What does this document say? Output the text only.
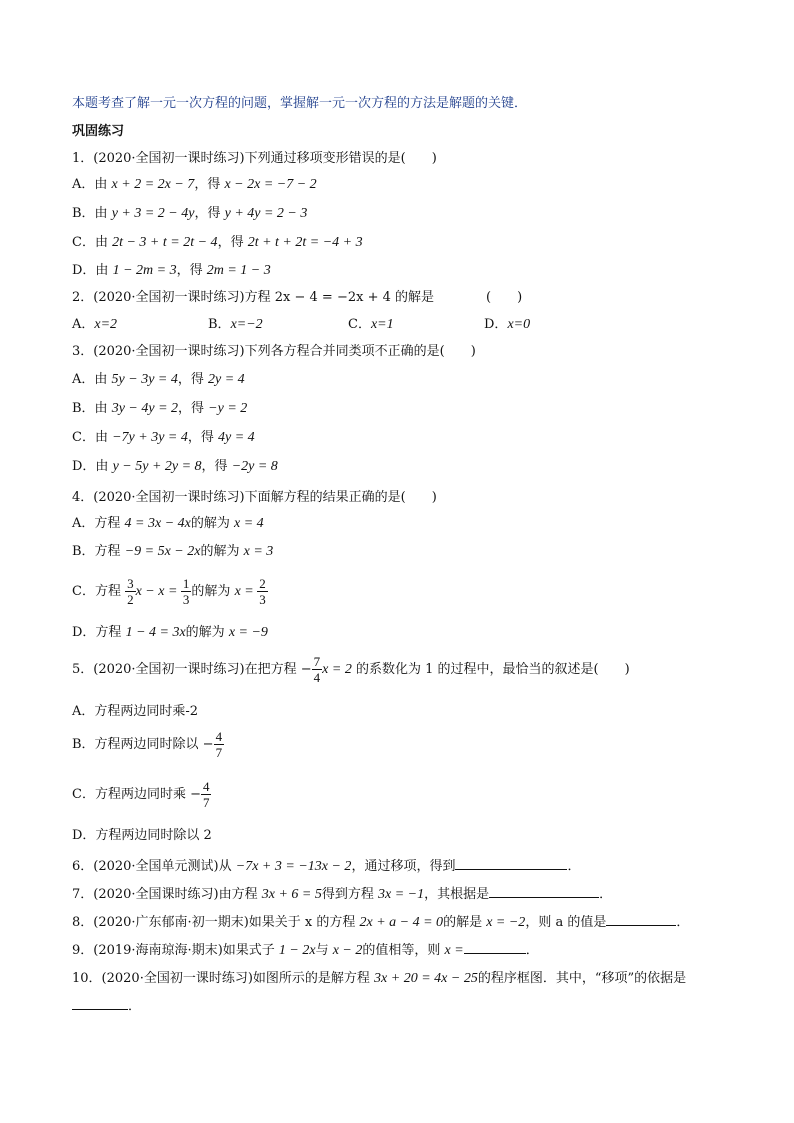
本题考查了解一元一次方程的问题，掌握解一元一次方程的方法是解题的关键．
巩固练习
1．(2020·全国初一课时练习)下列通过移项变形错误的是(　　)
A．由 x + 2 = 2x − 7，得 x − 2x = −7 − 2
B．由 y + 3 = 2 − 4y，得 y + 4y = 2 − 3
C．由 2t − 3 + t = 2t − 4，得 2t + t + 2t = −4 + 3
D．由 1 − 2m = 3，得 2m = 1 − 3
2．(2020·全国初一课时练习)方程 2x − 4 = −2x + 4 的解是　　　　(　　)
A．x=2	B．x=−2	C．x=1	D．x=0
3．(2020·全国初一课时练习)下列各方程合并同类项不正确的是(　　)
A．由 5y − 3y = 4，得 2y = 4
B．由 3y − 4y = 2，得 −y = 2
C．由 −7y + 3y = 4，得 4y = 4
D．由 y − 5y + 2y = 8，得 −2y = 8
4．(2020·全国初一课时练习)下面解方程的结果正确的是(　　)
A．方程 4 = 3x − 4x的解为 x = 4
B．方程 −9 = 5x − 2x的解为 x = 3
C．方程 $\frac{3}{2}$ $x - x = \frac{1}{3}$ 的解为 $x = \frac{2}{3}$
D．方程 1 − 4 = 3x的解为 x = −9
5．(2020·全国初一课时练习)在把方程 − $\frac{7}{4}$ x = 2 的系数化为 1 的过程中，最恰当的叙述是(　　)
A．方程两边同时乘-2
B．方程两边同时除以 − $\frac{4}{7}$
C．方程两边同时乘 − $\frac{4}{7}$
D．方程两边同时除以 2
6．(2020·全国单元测试)从 −7x + 3 = −13x − 2，通过移项，得到	．
7．(2020·全国课时练习)由方程 3x + 6 = 5得到方程 3x = −1，其根据是	．
8．(2020·广东郁南·初一期末)如果关于 x 的方程 2x + a − 4 = 0的解是 x = −2，则 a 的值是	．
9．(2019·海南琼海·期末)如果式子 1 − 2x与 x − 2的值相等，则 x =	．
10．(2020·全国初一课时练习)如图所示的是解方程 3x + 20 = 4x − 25的程序框图．其中，“移项”的依据是
．
